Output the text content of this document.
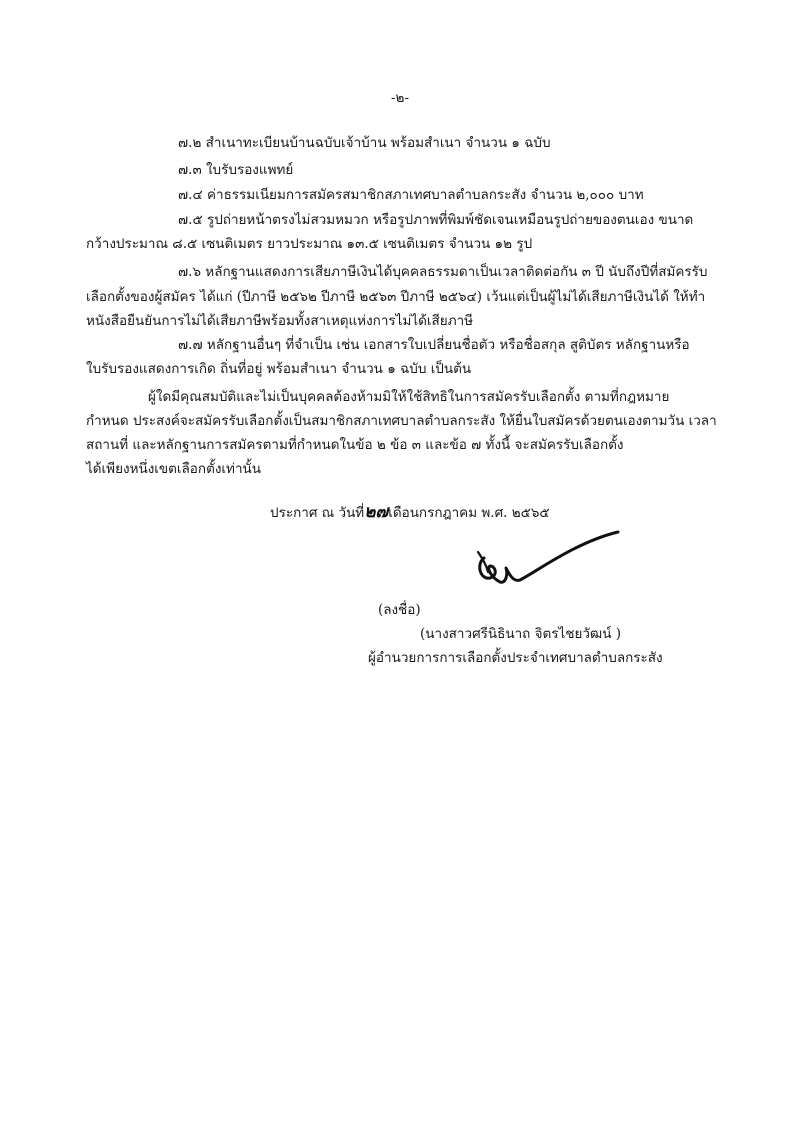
-๒-
๗.๒ สำเนาทะเบียนบ้านฉบับเจ้าบ้าน พร้อมสำเนา จำนวน ๑ ฉบับ
๗.๓ ใบรับรองแพทย์
๗.๔ ค่าธรรมเนียมการสมัครสมาชิกสภาเทศบาลตำบลกระสัง จำนวน ๒,๐๐๐ บาท
๗.๕ รูปถ่ายหน้าตรงไม่สวมหมวก หรือรูปภาพที่พิมพ์ชัดเจนเหมือนรูปถ่ายของตนเอง ขนาด
กว้างประมาณ ๘.๕ เซนติเมตร ยาวประมาณ ๑๓.๕ เซนติเมตร จำนวน ๑๒ รูป
๗.๖ หลักฐานแสดงการเสียภาษีเงินได้บุคคลธรรมดาเป็นเวลาติดต่อกัน ๓ ปี นับถึงปีที่สมัครรับ
เลือกตั้งของผู้สมัคร ได้แก่ (ปีภาษี ๒๕๖๒ ปีภาษี ๒๕๖๓ ปีภาษี ๒๕๖๔) เว้นแต่เป็นผู้ไม่ได้เสียภาษีเงินได้ ให้ทำ
หนังสือยืนยันการไม่ได้เสียภาษีพร้อมทั้งสาเหตุแห่งการไม่ได้เสียภาษี
๗.๗ หลักฐานอื่นๆ ที่จำเป็น เช่น เอกสารใบเปลี่ยนชื่อตัว หรือชื่อสกุล สูติบัตร หลักฐานหรือ
ใบรับรองแสดงการเกิด ถิ่นที่อยู่ พร้อมสำเนา จำนวน ๑ ฉบับ เป็นต้น
ผู้ใดมีคุณสมบัติและไม่เป็นบุคคลต้องห้ามมิให้ใช้สิทธิในการสมัครรับเลือกตั้ง ตามที่กฎหมาย
กำหนด ประสงค์จะสมัครรับเลือกตั้งเป็นสมาชิกสภาเทศบาลตำบลกระสัง ให้ยื่นใบสมัครด้วยตนเองตามวัน เวลา
สถานที่ และหลักฐานการสมัครตามที่กำหนดในข้อ ๒ ข้อ ๓ และข้อ ๗ ทั้งนี้ จะสมัครรับเลือกตั้ง
ได้เพียงหนึ่งเขตเลือกตั้งเท่านั้น
ประกาศ ณ วันที่๒๗เดือนกรกฎาคม พ.ศ. ๒๕๖๕
(ลงชื่อ)
(นางสาวศรีนิธินาถ จิตรไชยวัฒน์ )
ผู้อำนวยการการเลือกตั้งประจำเทศบาลตำบลกระสัง
